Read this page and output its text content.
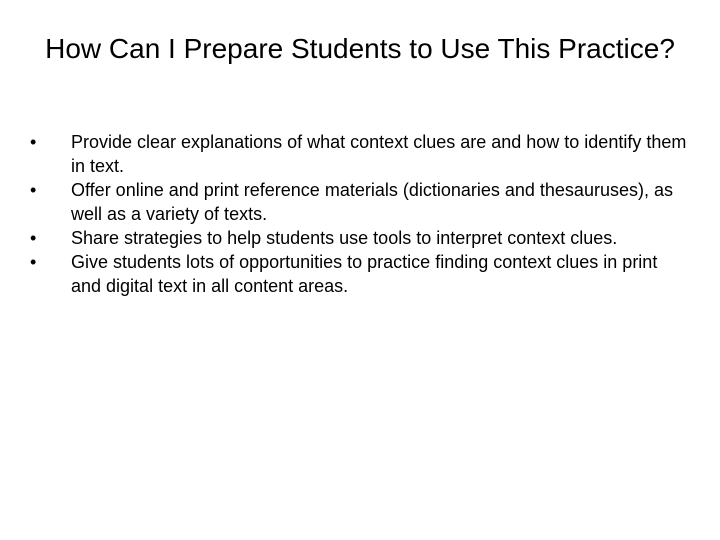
How Can I Prepare Students to Use This Practice?
• Provide clear explanations of what context clues are and how to identify them in text.
• Offer online and print reference materials (dictionaries and thesauruses), as well as a variety of texts.
• Share strategies to help students use tools to interpret context clues.
• Give students lots of opportunities to practice finding context clues in print and digital text in all content areas.
